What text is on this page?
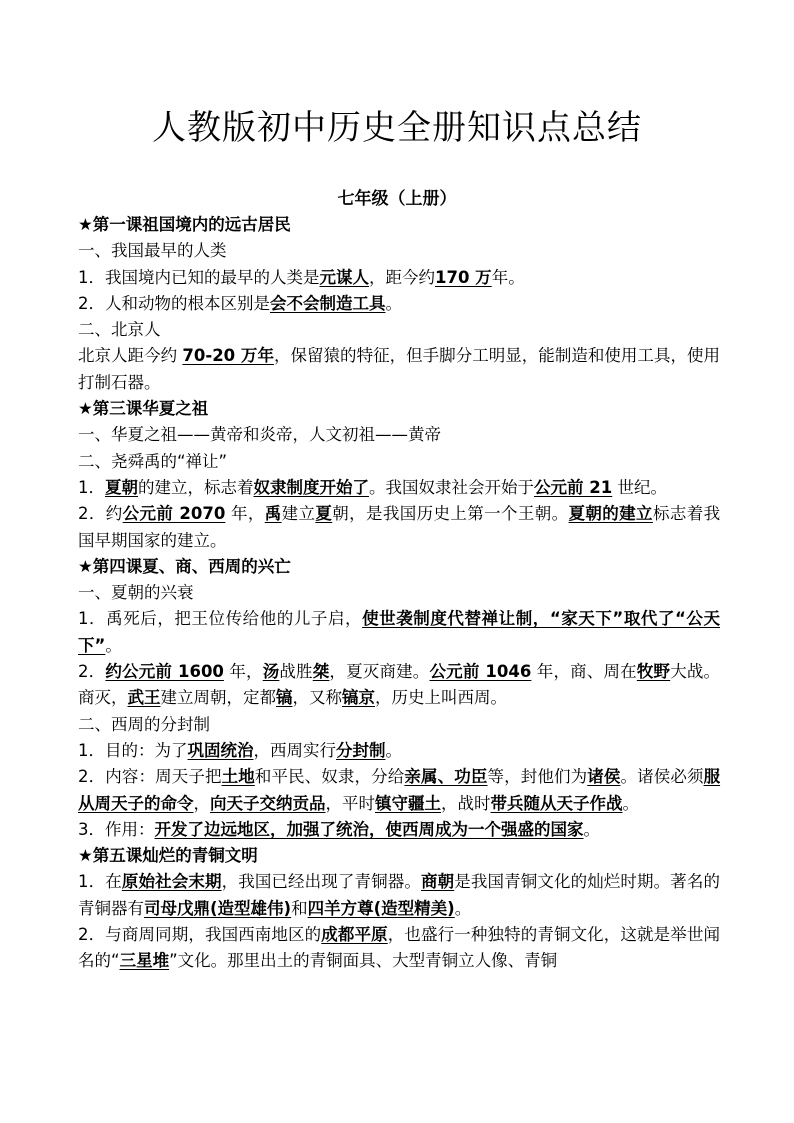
人教版初中历史全册知识点总结
七年级（上册）

★第一课祖国境内的远古居民

一、我国最早的人类

1．我国境内已知的最早的人类是元谋人，距今约170 万年。

2．人和动物的根本区别是会不会制造工具。

二、北京人

北京人距今约 70-20 万年，保留猿的特征，但手脚分工明显，能制造和使用工具，使用打制石器。

★第三课华夏之祖

一、华夏之祖——黄帝和炎帝，人文初祖——黄帝

二、尧舜禹的“禅让”

1．夏朝的建立，标志着奴隶制度开始了。我国奴隶社会开始于公元前 21 世纪。

2．约公元前 2070 年，禹建立夏朝，是我国历史上第一个王朝。夏朝的建立标志着我国早期国家的建立。

★第四课夏、商、西周的兴亡

一、夏朝的兴衰

1．禹死后，把王位传给他的儿子启，使世袭制度代替禅让制，“家天下”取代了“公天下”。

2．约公元前 1600 年，汤战胜桀，夏灭商建。公元前 1046 年，商、周在牧野大战。商灭，武王建立周朝，定都镐，又称镐京，历史上叫西周。

二、西周的分封制

1．目的：为了巩固统治，西周实行分封制。

2．内容：周天子把土地和平民、奴隶，分给亲属、功臣等，封他们为诸侯。诸侯必须服从周天子的命令，向天子交纳贡品，平时镇守疆土，战时带兵随从天子作战。

3．作用：开发了边远地区，加强了统治，使西周成为一个强盛的国家。

★第五课灿烂的青铜文明

1．在原始社会末期，我国已经出现了青铜器。商朝是我国青铜文化的灿烂时期。著名的青铜器有司母戊鼎(造型雄伟)和四羊方尊(造型精美)。

2．与商周同期，我国西南地区的成都平原，也盛行一种独特的青铜文化，这就是举世闻名的“三星堆”文化。那里出土的青铜面具、大型青铜立人像、青铜
